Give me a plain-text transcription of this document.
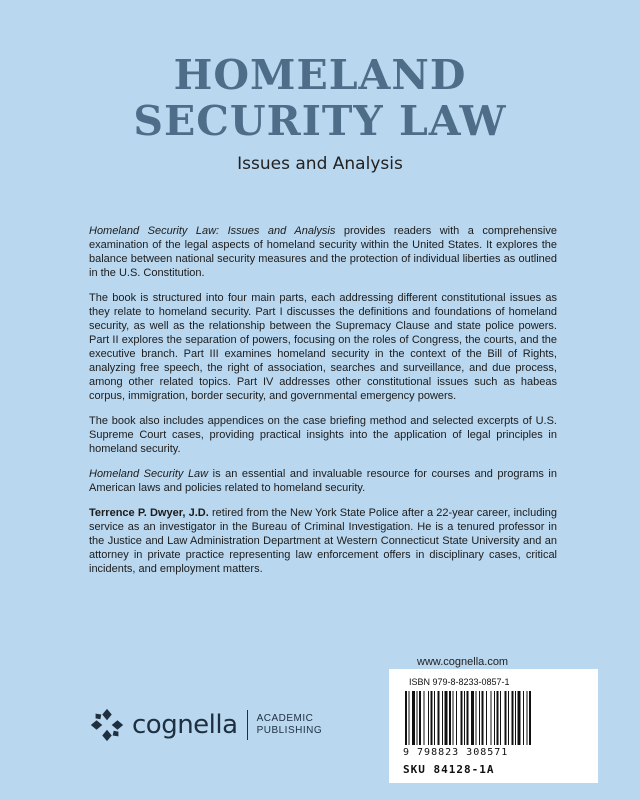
HOMELAND
SECURITY LAW
Issues and Analysis

Homeland Security Law: Issues and Analysis provides readers with a comprehensive examination of the legal aspects of homeland security within the United States. It explores the balance between national security measures and the protection of individual liberties as outlined in the U.S. Constitution.

The book is structured into four main parts, each addressing different constitutional issues as they relate to homeland security. Part I discusses the definitions and foundations of homeland security, as well as the relationship between the Supremacy Clause and state police powers. Part II explores the separation of powers, focusing on the roles of Congress, the courts, and the executive branch. Part III examines homeland security in the context of the Bill of Rights, analyzing free speech, the right of association, searches and surveillance, and due process, among other related topics. Part IV addresses other constitutional issues such as habeas corpus, immigration, border security, and governmental emergency powers.

The book also includes appendices on the case briefing method and selected excerpts of U.S. Supreme Court cases, providing practical insights into the application of legal principles in homeland security.

Homeland Security Law is an essential and invaluable resource for courses and programs in American laws and policies related to homeland security.

Terrence P. Dwyer, J.D. retired from the New York State Police after a 22-year career, including service as an investigator in the Bureau of Criminal Investigation. He is a tenured professor in the Justice and Law Administration Department at Western Connecticut State University and an attorney in private practice representing law enforcement offers in disciplinary cases, critical incidents, and employment matters.

cognella ACADEMIC
PUBLISHING
www.cognella.com
ISBN 979-8-8233-0857-1
9 798823 308571
SKU 84128-1A
